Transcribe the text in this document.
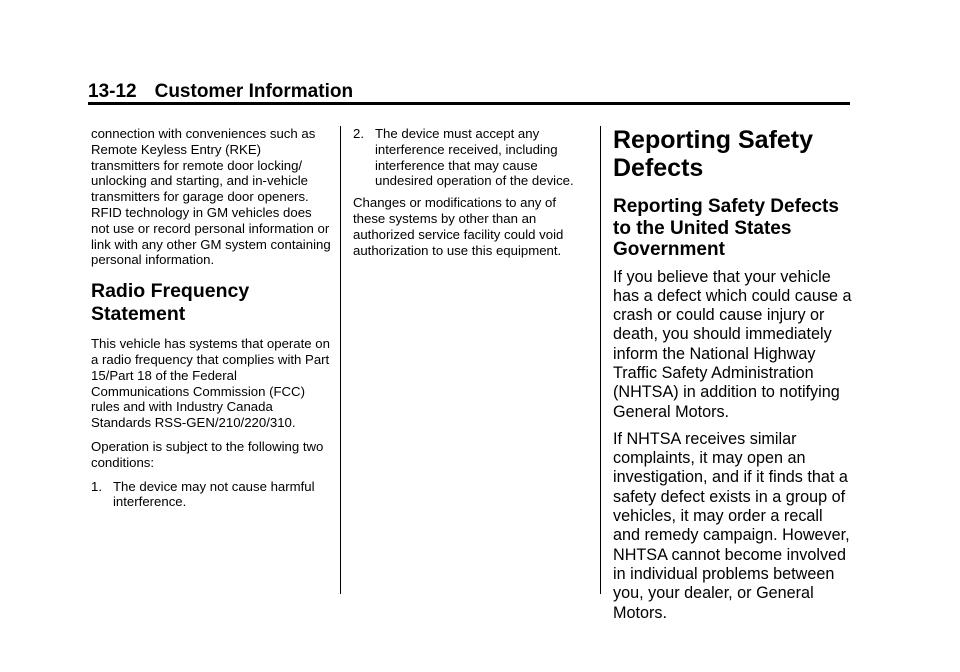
13-12 Customer Information

connection with conveniences such as Remote Keyless Entry (RKE) transmitters for remote door locking/ unlocking and starting, and in-vehicle transmitters for garage door openers. RFID technology in GM vehicles does not use or record personal information or link with any other GM system containing personal information.

Radio Frequency Statement

This vehicle has systems that operate on a radio frequency that complies with Part 15/Part 18 of the Federal Communications Commission (FCC) rules and with Industry Canada Standards RSS-GEN/210/220/310.

Operation is subject to the following two conditions:

1. The device may not cause harmful interference.
2. The device must accept any interference received, including interference that may cause undesired operation of the device.

Changes or modifications to any of these systems by other than an authorized service facility could void authorization to use this equipment.

Reporting Safety Defects
Reporting Safety Defects to the United States Government

If you believe that your vehicle has a defect which could cause a crash or could cause injury or death, you should immediately inform the National Highway Traffic Safety Administration (NHTSA) in addition to notifying General Motors.

If NHTSA receives similar complaints, it may open an investigation, and if it finds that a safety defect exists in a group of vehicles, it may order a recall and remedy campaign. However, NHTSA cannot become involved in individual problems between you, your dealer, or General Motors.
